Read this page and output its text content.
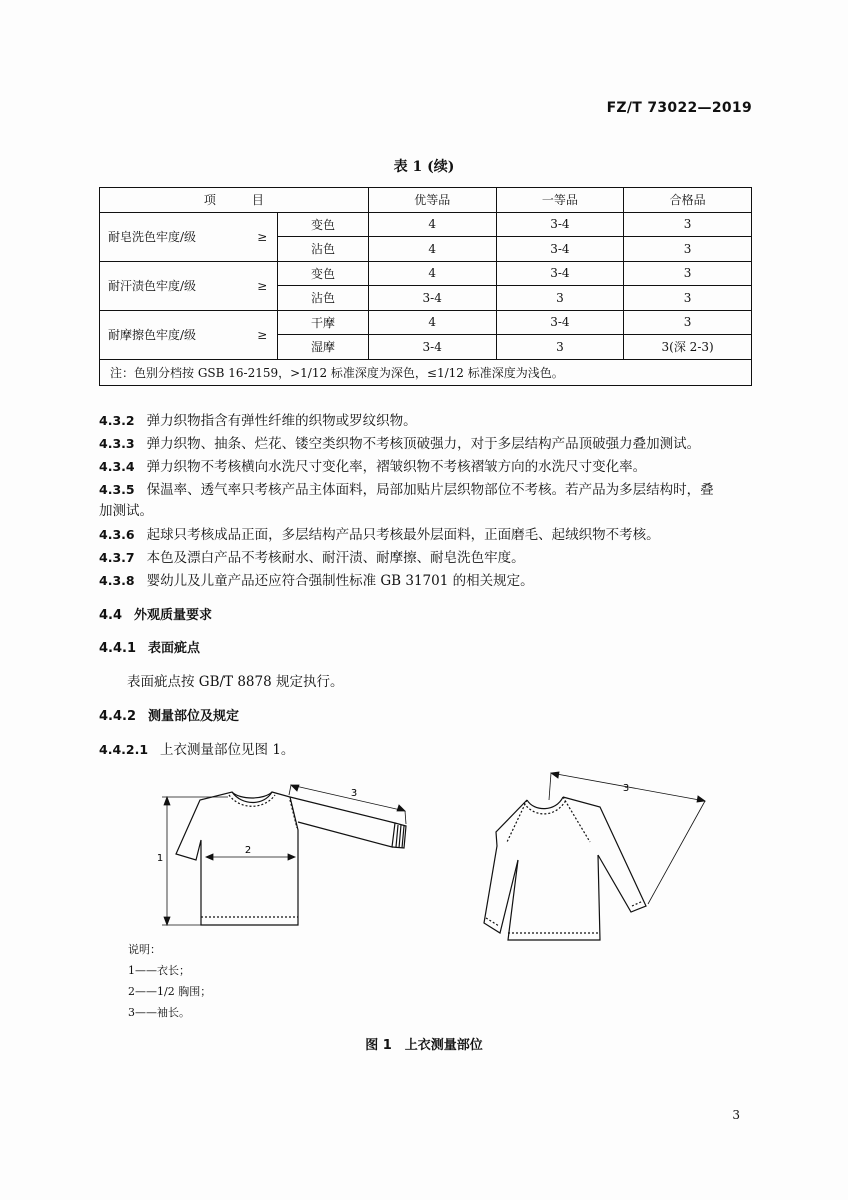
FZ/T 73022—2019
表 1 (续)
项　　　目			优等品	一等品	合格品
耐皂洗色牢度/级	≥	变色	4	3-4	3
		沾色	4	3-4	3
耐汗渍色牢度/级	≥	变色	4	3-4	3
		沾色	3-4	3	3
耐摩擦色牢度/级	≥	干摩	4	3-4	3
		湿摩	3-4	3	3(深 2-3)
注：色别分档按 GSB 16-2159，>1/12 标准深度为深色，≤1/12 标准深度为浅色。					
4.3.2 弹力织物指含有弹性纤维的织物或罗纹织物。
4.3.3 弹力织物、抽条、烂花、镂空类织物不考核顶破强力，对于多层结构产品顶破强力叠加测试。
4.3.4 弹力织物不考核横向水洗尺寸变化率，褶皱织物不考核褶皱方向的水洗尺寸变化率。
4.3.5 保温率、透气率只考核产品主体面料，局部加贴片层织物部位不考核。若产品为多层结构时，叠
加测试。
4.3.6 起球只考核成品正面，多层结构产品只考核最外层面料，正面磨毛、起绒织物不考核。
4.3.7 本色及漂白产品不考核耐水、耐汗渍、耐摩擦、耐皂洗色牢度。
4.3.8 婴幼儿及儿童产品还应符合强制性标准 GB 31701 的相关规定。
4.4 外观质量要求
4.4.1 表面疵点
表面疵点按 GB/T 8878 规定执行。
4.4.2 测量部位及规定
4.4.2.1 上衣测量部位见图 1。
1
2
3	3
说明：
1——衣长；
2——1/2 胸围；
3——袖长。
图 1　上衣测量部位
3
